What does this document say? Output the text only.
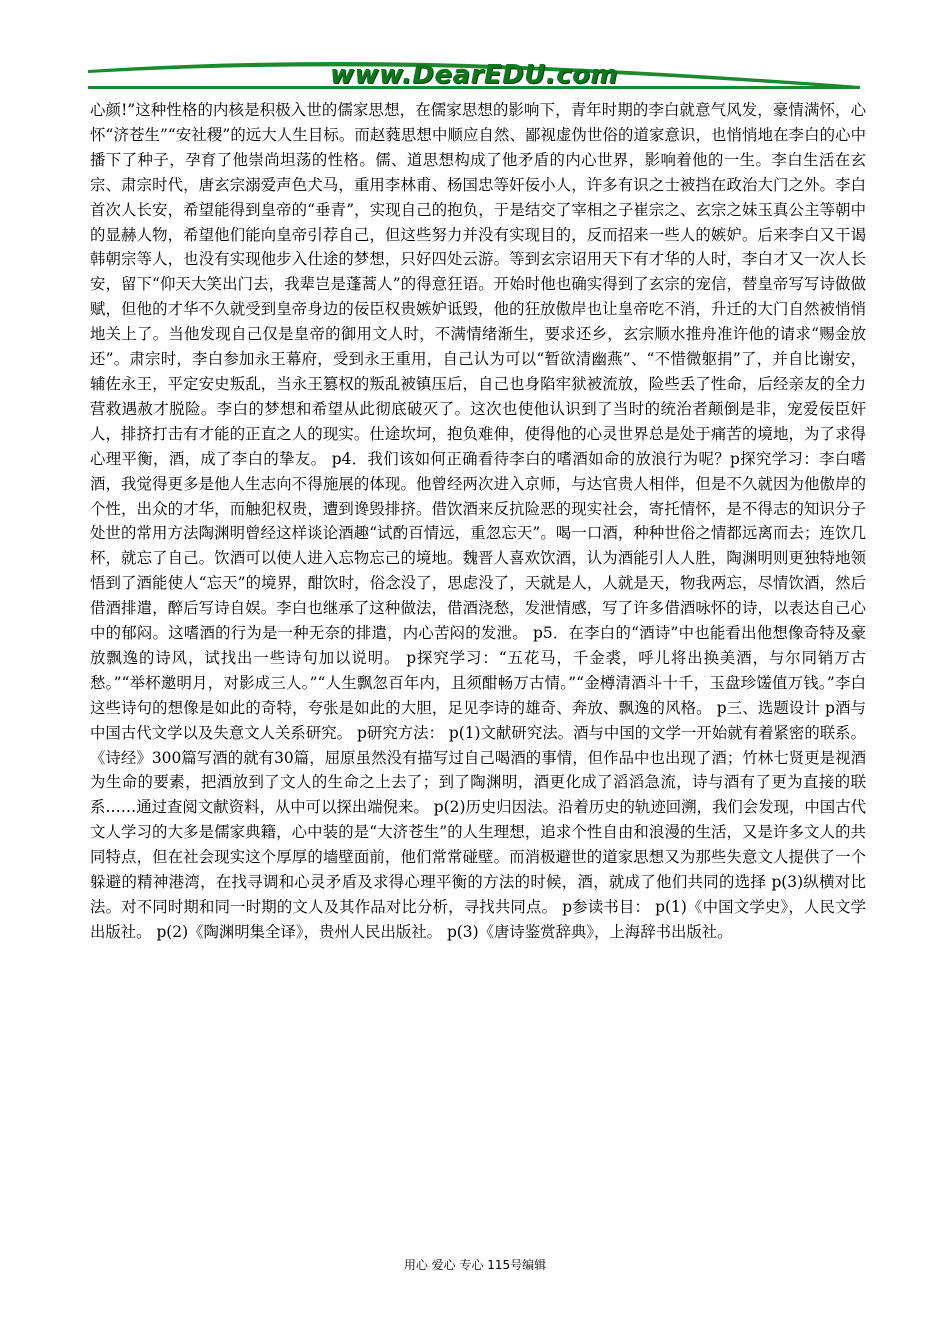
www.DearEDU.com

心颜!”这种性格的内核是积极入世的儒家思想，在儒家思想的影响下，青年时期的李白就意气风发，豪情满怀，心怀“济苍生”“安社稷”的远大人生目标。而赵蕤思想中顺应自然、鄙视虚伪世俗的道家意识，也悄悄地在李白的心中播下了种子，孕育了他崇尚坦荡的性格。儒、道思想构成了他矛盾的内心世界，影响着他的一生。李白生活在玄宗、肃宗时代，唐玄宗溺爱声色犬马，重用李林甫、杨国忠等奸佞小人，许多有识之士被挡在政治大门之外。李白首次人长安，希望能得到皇帝的“垂青”，实现自己的抱负，于是结交了宰相之子崔宗之、玄宗之妹玉真公主等朝中的显赫人物，希望他们能向皇帝引荐自己，但这些努力并没有实现目的，反而招来一些人的嫉妒。后来李白又干谒韩朝宗等人，也没有实现他步入仕途的梦想，只好四处云游。等到玄宗诏用天下有才华的人时，李白才又一次人长安，留下“仰天大笑出门去，我辈岂是蓬蒿人”的得意狂语。开始时他也确实得到了玄宗的宠信，替皇帝写写诗做做赋，但他的才华不久就受到皇帝身边的佞臣权贵嫉妒诋毁，他的狂放傲岸也让皇帝吃不消，升迁的大门自然被悄悄地关上了。当他发现自己仅是皇帝的御用文人时，不满情绪渐生，要求还乡，玄宗顺水推舟准许他的请求“赐金放还”。肃宗时，李白参加永王幕府，受到永王重用，自己认为可以“暂欲清幽燕”、“不惜微躯捐”了，并自比谢安，辅佐永王，平定安史叛乱，当永王篡权的叛乱被镇压后，自己也身陷牢狱被流放，险些丢了性命，后经亲友的全力营救遇赦才脱险。李白的梦想和希望从此彻底破灭了。这次也使他认识到了当时的统治者颠倒是非，宠爱佞臣奸人，排挤打击有才能的正直之人的现实。仕途坎坷，抱负难伸，使得他的心灵世界总是处于痛苦的境地，为了求得心理平衡，酒，成了李白的挚友。 p4．我们该如何正确看待李白的嗜酒如命的放浪行为呢？p探究学习：李白嗜酒，我觉得更多是他人生志向不得施展的体现。他曾经两次进入京师，与达官贵人相伴，但是不久就因为他傲岸的个性，出众的才华，而触犯权贵，遭到谗毁排挤。借饮酒来反抗险恶的现实社会，寄托情怀，是不得志的知识分子处世的常用方法陶渊明曾经这样谈论酒趣“试酌百情远，重忽忘天”。喝一口酒，种种世俗之情都远离而去；连饮几杯，就忘了自己。饮酒可以使人进入忘物忘己的境地。魏晋人喜欢饮酒，认为酒能引人人胜，陶渊明则更独特地领悟到了酒能使人“忘天”的境界，酣饮时，俗念没了，思虑没了，天就是人，人就是天，物我两忘，尽情饮酒，然后借酒排遣，醉后写诗自娱。李白也继承了这种做法，借酒浇愁，发泄情感，写了许多借酒咏怀的诗，以表达自己心中的郁闷。这嗜酒的行为是一种无奈的排遣，内心苦闷的发泄。 p5．在李白的“酒诗”中也能看出他想像奇特及豪放飘逸的诗风，试找出一些诗句加以说明。 p探究学习：“五花马，千金裘，呼儿将出换美酒，与尔同销万古愁。”“举杯邀明月，对影成三人。”“人生飘忽百年内，且须酣畅万古情。”“金樽清酒斗十千，玉盘珍馐值万钱。”李白这些诗句的想像是如此的奇特，夸张是如此的大胆，足见李诗的雄奇、奔放、飘逸的风格。 p三、选题设计 p酒与中国古代文学以及失意文人关系研究。 p研究方法： p(1)文献研究法。酒与中国的文学一开始就有着紧密的联系。《诗经》300篇写酒的就有30篇，屈原虽然没有描写过自己喝酒的事情，但作品中也出现了酒；竹林七贤更是视酒为生命的要素，把酒放到了文人的生命之上去了；到了陶渊明，酒更化成了滔滔急流，诗与酒有了更为直接的联系……通过查阅文献资料，从中可以探出端倪来。 p(2)历史归因法。沿着历史的轨迹回溯，我们会发现，中国古代文人学习的大多是儒家典籍，心中装的是“大济苍生”的人生理想，追求个性自由和浪漫的生活，又是许多文人的共同特点，但在社会现实这个厚厚的墙壁面前，他们常常碰壁。而消极避世的道家思想又为那些失意文人提供了一个躲避的精神港湾，在找寻调和心灵矛盾及求得心理平衡的方法的时候，酒，就成了他们共同的选择 p(3)纵横对比法。对不同时期和同一时期的文人及其作品对比分析，寻找共同点。 p参读书目： p(1)《中国文学史》，人民文学出版社。 p(2)《陶渊明集全译》，贵州人民出版社。 p(3)《唐诗鉴赏辞典》，上海辞书出版社。

用心 爱心 专心 115号编辑
